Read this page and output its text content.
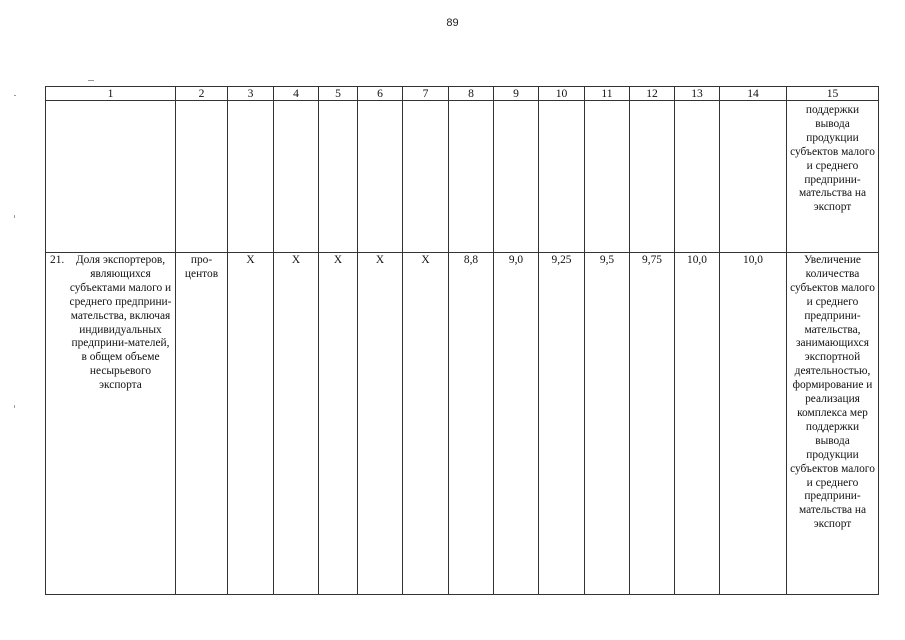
89
1	2	3	4	5	6	7	8	9	10	11	12	13	14	15
														поддержки вывода продукции субъектов малого и среднего предприни-мательства на экспорт

21. Доля экспортеров, являющихся субъектами малого и среднего предприни-мательства, включая индивидуальных предприни-мателей, в общем объеме несырьевого экспорта	про-центов	X	X	X	X	X	8,8	9,0	9,25	9,5	9,75	10,0	10,0	Увеличение количества субъектов малого и среднего предприни-мательства, занимающихся экспортной деятельностью, формирование и реализация комплекса мер поддержки вывода продукции субъектов малого и среднего предприни-мательства на экспорт
